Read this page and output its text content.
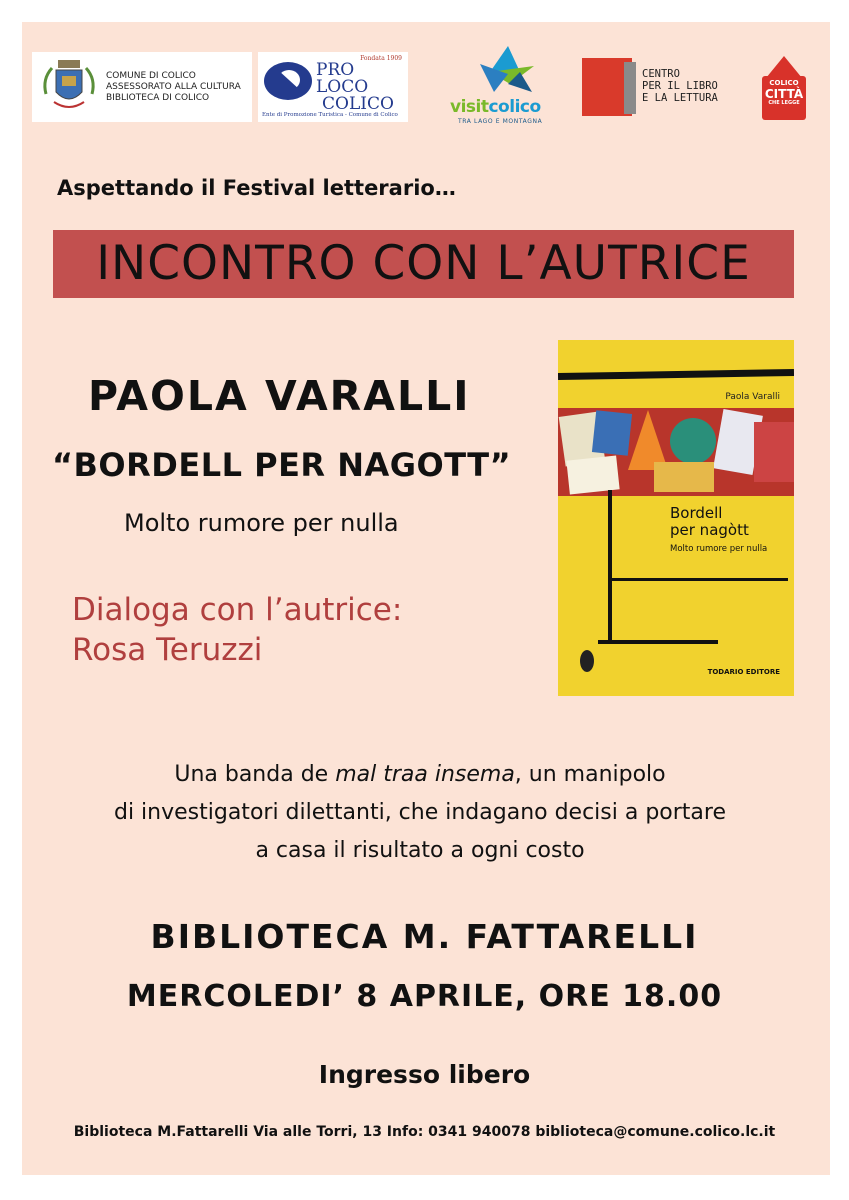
COMUNE DI COLICO
ASSESSORATO ALLA CULTURA
BIBLIOTECA DI COLICO
Fondata 1909
PRO LOCO
COLICO
Ente di Promozione Turistica - Comune di Colico	visitcolico
TRA LAGO E MONTAGNA
CENTRO
PER IL LIBRO
E LA LETTURA
COLICO
CITTÀ
CHE LEGGE
Aspettando il Festival letterario…
INCONTRO CON L’AUTRICE
PAOLA VARALLI
“BORDELL PER NAGOTT”
Molto rumore per nulla
Dialoga con l’autrice:
Rosa Teruzzi
Paola Varalli
Bordell
per nagòtt
Molto rumore per nulla
TODARIO EDITORE
Una banda de mal traa insema, un manipolo
di investigatori dilettanti, che indagano decisi a portare
a casa il risultato a ogni costo
BIBLIOTECA M. FATTARELLI
MERCOLEDI’ 8 APRILE, ORE 18.00
Ingresso libero
Biblioteca M.Fattarelli Via alle Torri, 13 Info: 0341 940078 biblioteca@comune.colico.lc.it
